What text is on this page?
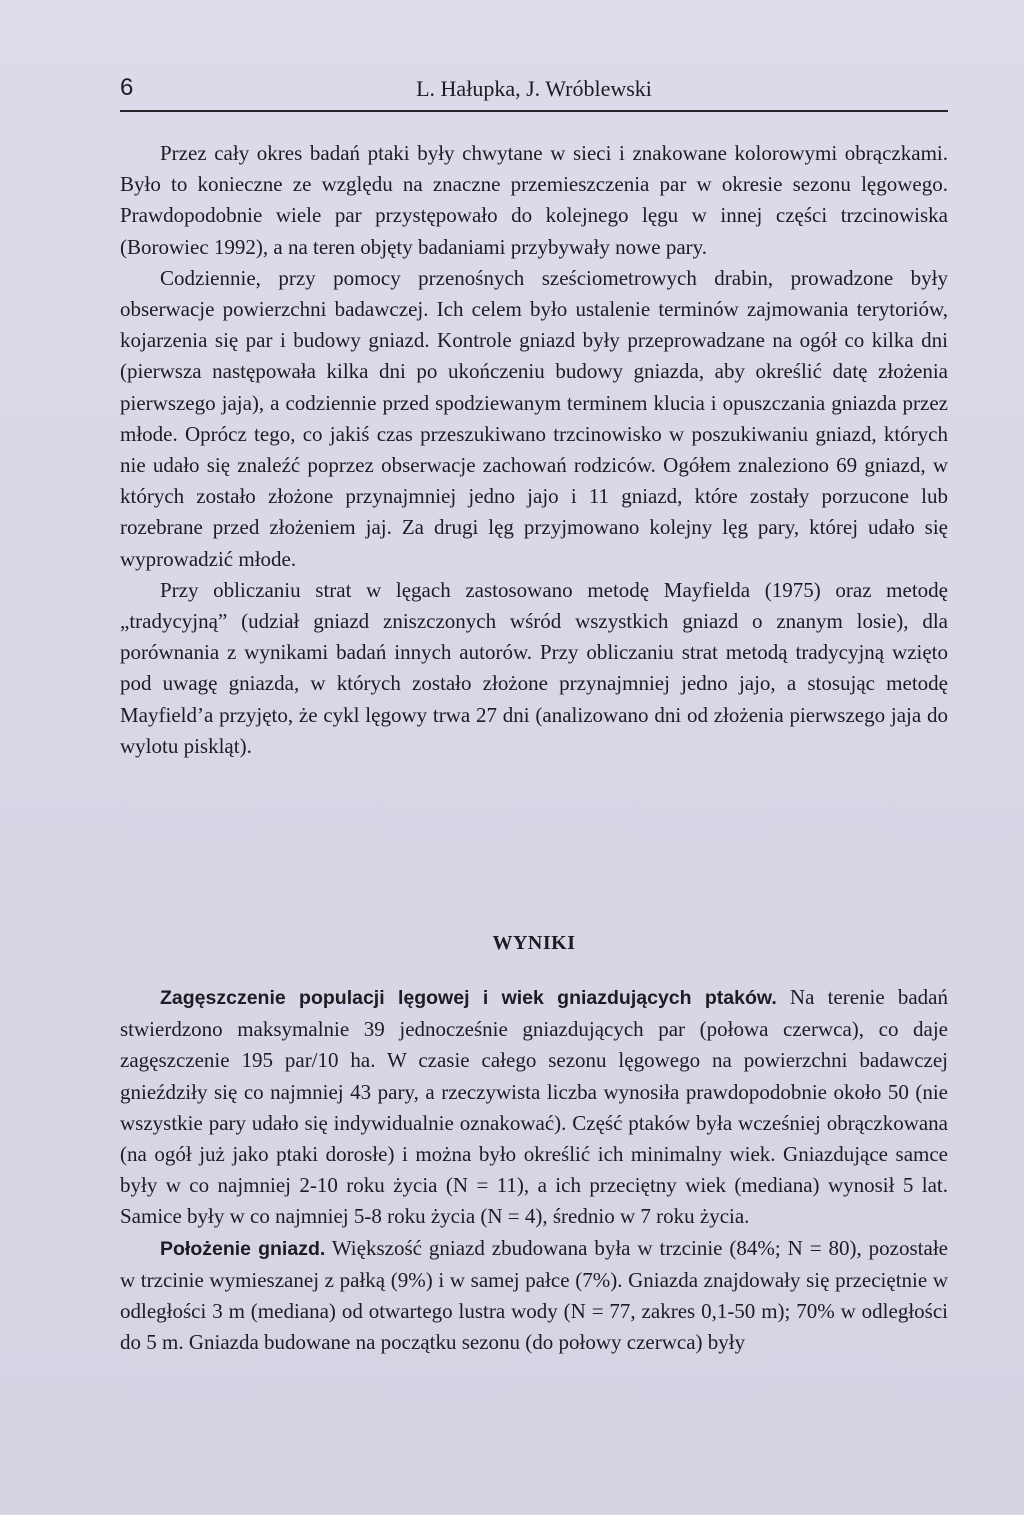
6	L. Hałupka, J. Wróblewski

Przez cały okres badań ptaki były chwytane w sieci i znakowane kolorowymi obrączkami. Było to konieczne ze względu na znaczne przemieszczenia par w okresie sezonu lęgowego. Prawdopodobnie wiele par przystępowało do kolejnego lęgu w innej części trzcinowiska (Borowiec 1992), a na teren objęty badaniami przybywały nowe pary.

Codziennie, przy pomocy przenośnych sześciometrowych drabin, prowadzone były obserwacje powierzchni badawczej. Ich celem było ustalenie terminów zajmowania terytoriów, kojarzenia się par i budowy gniazd. Kontrole gniazd były przeprowadzane na ogół co kilka dni (pierwsza następowała kilka dni po ukończeniu budowy gniazda, aby określić datę złożenia pierwszego jaja), a codziennie przed spodziewanym terminem klucia i opuszczania gniazda przez młode. Oprócz tego, co jakiś czas przeszukiwano trzcinowisko w poszukiwaniu gniazd, których nie udało się znaleźć poprzez obserwacje zachowań rodziców. Ogółem znaleziono 69 gniazd, w których zostało złożone przynajmniej jedno jajo i 11 gniazd, które zostały porzucone lub rozebrane przed złożeniem jaj. Za drugi lęg przyjmowano kolejny lęg pary, której udało się wyprowadzić młode.

Przy obliczaniu strat w lęgach zastosowano metodę Mayfielda (1975) oraz metodę „tradycyjną” (udział gniazd zniszczonych wśród wszystkich gniazd o znanym losie), dla porównania z wynikami badań innych autorów. Przy obliczaniu strat metodą tradycyjną wzięto pod uwagę gniazda, w których zostało złożone przynajmniej jedno jajo, a stosując metodę Mayfield’a przyjęto, że cykl lęgowy trwa 27 dni (analizowano dni od złożenia pierwszego jaja do wylotu piskląt).

WYNIKI

Zagęszczenie populacji lęgowej i wiek gniazdujących ptaków. Na terenie badań stwierdzono maksymalnie 39 jednocześnie gniazdujących par (połowa czerwca), co daje zagęszczenie 195 par/10 ha. W czasie całego sezonu lęgowego na powierzchni badawczej gnieździły się co najmniej 43 pary, a rzeczywista liczba wynosiła prawdopodobnie około 50 (nie wszystkie pary udało się indywidualnie oznakować). Część ptaków była wcześniej obrączkowana (na ogół już jako ptaki dorosłe) i można było określić ich minimalny wiek. Gniazdujące samce były w co najmniej 2-10 roku życia (N = 11), a ich przeciętny wiek (mediana) wynosił 5 lat. Samice były w co najmniej 5-8 roku życia (N = 4), średnio w 7 roku życia.

Położenie gniazd. Większość gniazd zbudowana była w trzcinie (84%; N = 80), pozostałe w trzcinie wymieszanej z pałką (9%) i w samej pałce (7%). Gniazda znajdowały się przeciętnie w odległości 3 m (mediana) od otwartego lustra wody (N = 77, zakres 0,1-50 m); 70% w odległości do 5 m. Gniazda budowane na początku sezonu (do połowy czerwca) były
